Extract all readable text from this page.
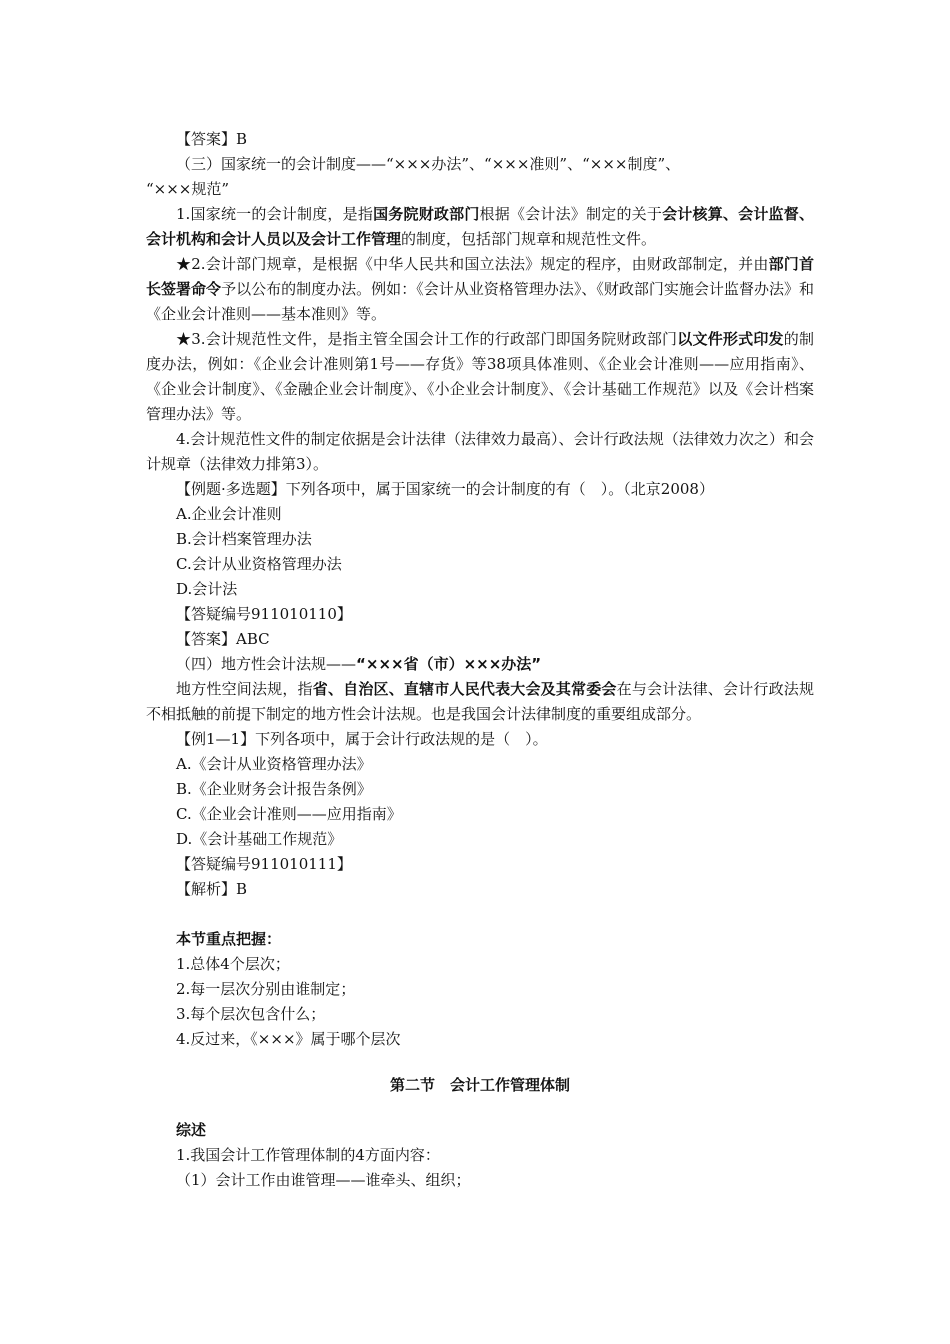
【答案】B
（三）国家统一的会计制度——“×××办法”、“×××准则”、“×××制度”、
“×××规范”
1.国家统一的会计制度，是指国务院财政部门根据《会计法》制定的关于会计核算、会计监督、会计机构和会计人员以及会计工作管理的制度，包括部门规章和规范性文件。
★2.会计部门规章，是根据《中华人民共和国立法法》规定的程序，由财政部制定，并由部门首长签署命令予以公布的制度办法。例如：《会计从业资格管理办法》、《财政部门实施会计监督办法》和《企业会计准则——基本准则》等。
★3.会计规范性文件，是指主管全国会计工作的行政部门即国务院财政部门以文件形式印发的制度办法，例如：《企业会计准则第1号——存货》等38项具体准则、《企业会计准则——应用指南》、《企业会计制度》、《金融企业会计制度》、《小企业会计制度》、《会计基础工作规范》以及《会计档案管理办法》等。
4.会计规范性文件的制定依据是会计法律（法律效力最高）、会计行政法规（法律效力次之）和会计规章（法律效力排第3）。
【例题·多选题】下列各项中，属于国家统一的会计制度的有（　）。（北京2008）
A.企业会计准则
B.会计档案管理办法
C.会计从业资格管理办法
D.会计法
【答疑编号911010110】
【答案】ABC
（四）地方性会计法规——“×××省（市）×××办法”
地方性空间法规，指省、自治区、直辖市人民代表大会及其常委会在与会计法律、会计行政法规不相抵触的前提下制定的地方性会计法规。也是我国会计法律制度的重要组成部分。
【例1—1】下列各项中，属于会计行政法规的是（　）。
A.《会计从业资格管理办法》
B.《企业财务会计报告条例》
C.《企业会计准则——应用指南》
D.《会计基础工作规范》
【答疑编号911010111】
【解析】B
本节重点把握：
1.总体4个层次；
2.每一层次分别由谁制定；
3.每个层次包含什么；
4.反过来，《×××》属于哪个层次
第二节　会计工作管理体制
综述
1.我国会计工作管理体制的4方面内容：
（1）会计工作由谁管理——谁牵头、组织；
